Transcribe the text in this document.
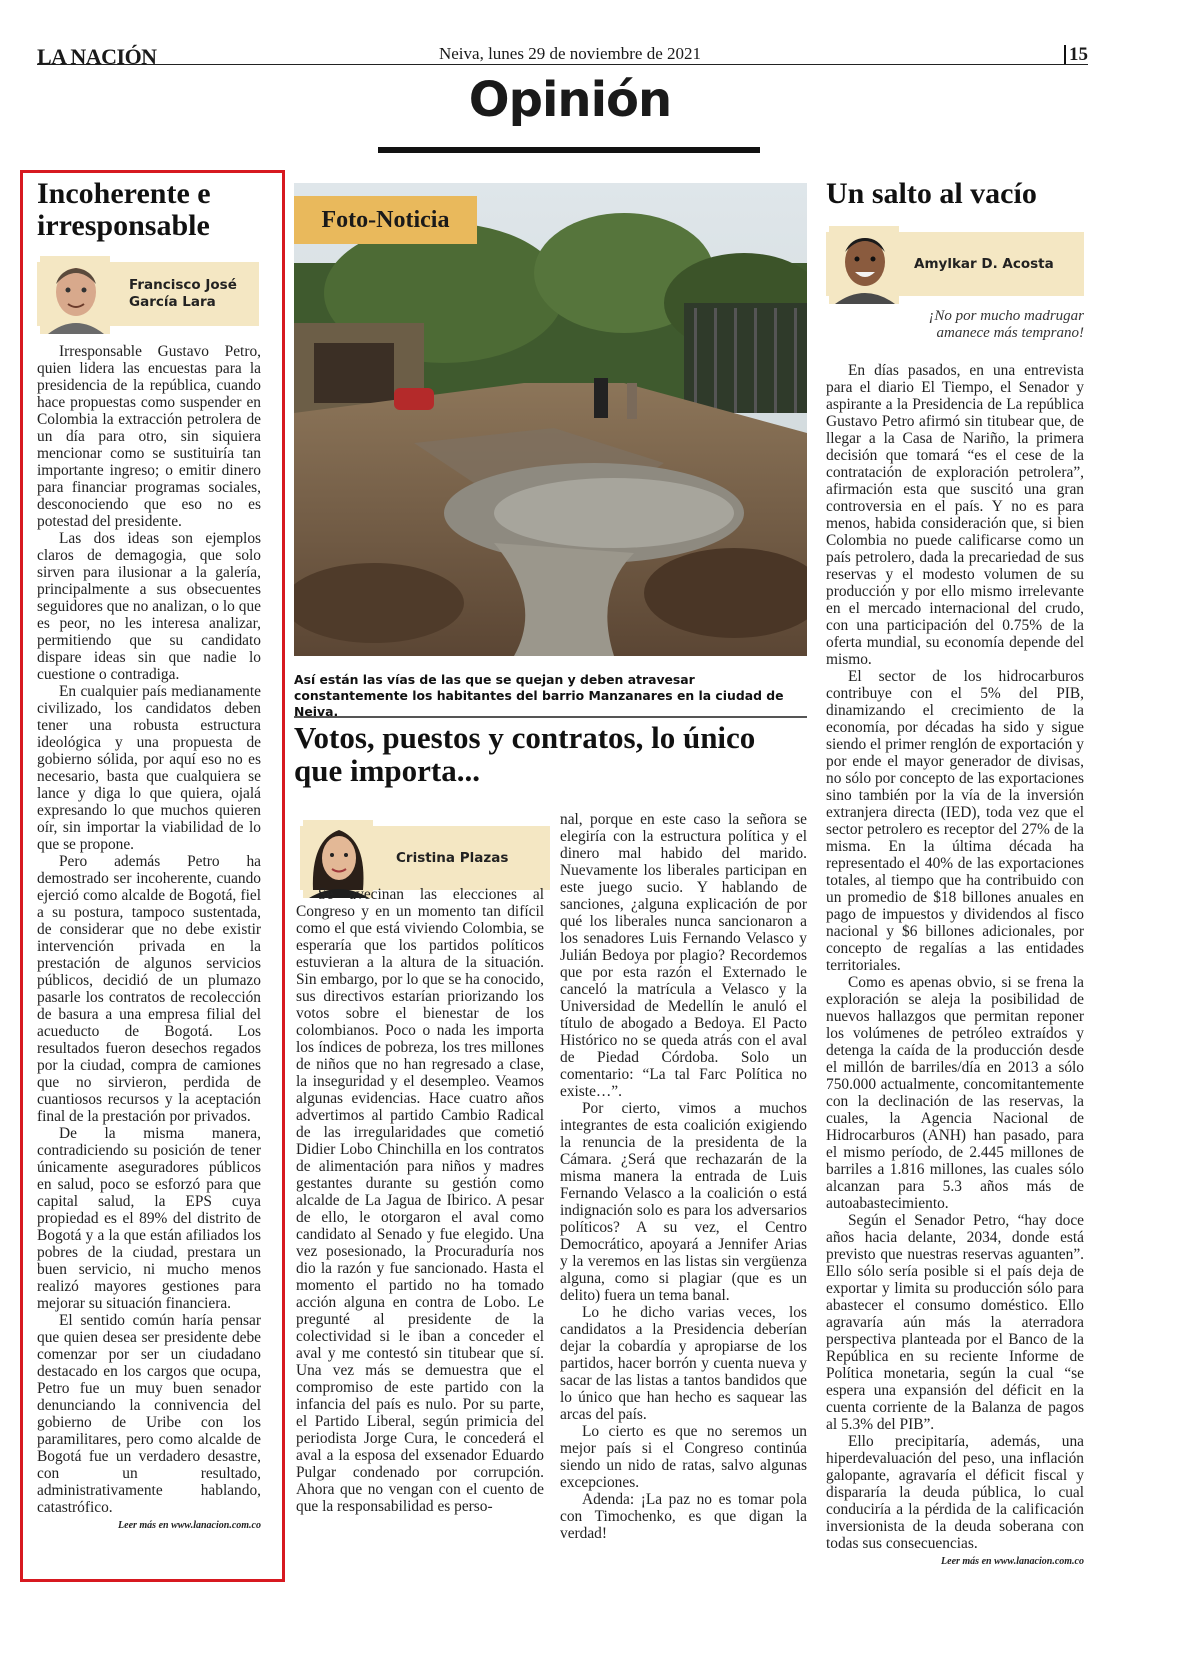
LA NACIÓN	Neiva, lunes 29 de noviembre de 2021	15
Opinión
Incoherente e irresponsable
Francisco José García Lara

Irresponsable Gustavo Petro, quien lidera las encuestas para la presidencia de la república, cuando hace propuestas como suspender en Colombia la extracción petrolera de un día para otro, sin siquiera mencionar como se sustituiría tan importante ingreso; o emitir dinero para financiar programas sociales, desconociendo que eso no es potestad del presidente.

Las dos ideas son ejemplos claros de demagogia, que solo sirven para ilusionar a la galería, principalmente a sus obsecuentes seguidores que no analizan, o lo que es peor, no les interesa analizar, permitiendo que su candidato dispare ideas sin que nadie lo cuestione o contradiga.

En cualquier país medianamente civilizado, los candidatos deben tener una robusta estructura ideológica y una propuesta de gobierno sólida, por aquí eso no es necesario, basta que cualquiera se lance y diga lo que quiera, ojalá expresando lo que muchos quieren oír, sin importar la viabilidad de lo que se propone.

Pero además Petro ha demostrado ser incoherente, cuando ejerció como alcalde de Bogotá, fiel a su postura, tampoco sustentada, de considerar que no debe existir intervención privada en la prestación de algunos servicios públicos, decidió de un plumazo pasarle los contratos de recolección de basura a una empresa filial del acueducto de Bogotá. Los resultados fueron desechos regados por la ciudad, compra de camiones que no sirvieron, perdida de cuantiosos recursos y la aceptación final de la prestación por privados.

De la misma manera, contradiciendo su posición de tener únicamente aseguradores públicos en salud, poco se esforzó para que capital salud, la EPS cuya propiedad es el 89% del distrito de Bogotá y a la que están afiliados los pobres de la ciudad, prestara un buen servicio, ni mucho menos realizó mayores gestiones para mejorar su situación financiera.

El sentido común haría pensar que quien desea ser presidente debe comenzar por ser un ciudadano destacado en los cargos que ocupa, Petro fue un muy buen senador denunciando la connivencia del gobierno de Uribe con los paramilitares, pero como alcalde de Bogotá fue un verdadero desastre, con un resultado, administrativamente hablando, catastrófico.

Leer más en www.lanacion.com.co
Foto-Noticia
Así están las vías de las que se quejan y deben atravesar constantemente los habitantes del barrio Manzanares en la ciudad de Neiva.
Votos, puestos y contratos, lo único que importa...
Cristina Plazas

Se avecinan las elecciones al Congreso y en un momento tan difícil como el que está viviendo Colombia, se esperaría que los partidos políticos estuvieran a la altura de la situación. Sin embargo, por lo que se ha conocido, sus directivos estarían priorizando los votos sobre el bienestar de los colombianos. Poco o nada les importa los índices de pobreza, los tres millones de niños que no han regresado a clase, la inseguridad y el desempleo. Veamos algunas evidencias. Hace cuatro años advertimos al partido Cambio Radical de las irregularidades que cometió Didier Lobo Chinchilla en los contratos de alimentación para niños y madres gestantes durante su gestión como alcalde de La Jagua de Ibirico. A pesar de ello, le otorgaron el aval como candidato al Senado y fue elegido. Una vez posesionado, la Procuraduría nos dio la razón y fue sancionado. Hasta el momento el partido no ha tomado acción alguna en contra de Lobo. Le pregunté al presidente de la colectividad si le iban a conceder el aval y me contestó sin titubear que sí. Una vez más se demuestra que el compromiso de este partido con la infancia del país es nulo. Por su parte, el Partido Liberal, según primicia del periodista Jorge Cura, le concederá el aval a la esposa del exsenador Eduardo Pulgar condenado por corrupción. Ahora que no vengan con el cuento de que la responsabilidad es perso-

nal, porque en este caso la señora se elegiría con la estructura política y el dinero mal habido del marido. Nuevamente los liberales participan en este juego sucio. Y hablando de sanciones, ¿alguna explicación de por qué los liberales nunca sancionaron a los senadores Luis Fernando Velasco y Julián Bedoya por plagio? Recordemos que por esta razón el Externado le canceló la matrícula a Velasco y la Universidad de Medellín le anuló el título de abogado a Bedoya. El Pacto Histórico no se queda atrás con el aval de Piedad Córdoba. Solo un comentario: “La tal Farc Política no existe…”.

Por cierto, vimos a muchos integrantes de esta coalición exigiendo la renuncia de la presidenta de la Cámara. ¿Será que rechazarán de la misma manera la entrada de Luis Fernando Velasco a la coalición o está indignación solo es para los adversarios políticos? A su vez, el Centro Democrático, apoyará a Jennifer Arias y la veremos en las listas sin vergüenza alguna, como si plagiar (que es un delito) fuera un tema banal.

Lo he dicho varias veces, los candidatos a la Presidencia deberían dejar la cobardía y apropiarse de los partidos, hacer borrón y cuenta nueva y sacar de las listas a tantos bandidos que lo único que han hecho es saquear las arcas del país.

Lo cierto es que no seremos un mejor país si el Congreso continúa siendo un nido de ratas, salvo algunas excepciones.

Adenda: ¡La paz no es tomar pola con Timochenko, es que digan la verdad!

Un salto al vacío
Amylkar D. Acosta
¡No por mucho madrugar
amanece más temprano!

En días pasados, en una entrevista para el diario El Tiempo, el Senador y aspirante a la Presidencia de La república Gustavo Petro afirmó sin titubear que, de llegar a la Casa de Nariño, la primera decisión que tomará “es el cese de la contratación de exploración petrolera”, afirmación esta que suscitó una gran controversia en el país. Y no es para menos, habida consideración que, si bien Colombia no puede calificarse como un país petrolero, dada la precariedad de sus reservas y el modesto volumen de su producción y por ello mismo irrelevante en el mercado internacional del crudo, con una participación del 0.75% de la oferta mundial, su economía depende del mismo.

El sector de los hidrocarburos contribuye con el 5% del PIB, dinamizando el crecimiento de la economía, por décadas ha sido y sigue siendo el primer renglón de exportación y por ende el mayor generador de divisas, no sólo por concepto de las exportaciones sino también por la vía de la inversión extranjera directa (IED), toda vez que el sector petrolero es receptor del 27% de la misma. En la última década ha representado el 40% de las exportaciones totales, al tiempo que ha contribuido con un promedio de $18 billones anuales en pago de impuestos y dividendos al fisco nacional y $6 billones adicionales, por concepto de regalías a las entidades territoriales.

Como es apenas obvio, si se frena la exploración se aleja la posibilidad de nuevos hallazgos que permitan reponer los volúmenes de petróleo extraídos y detenga la caída de la producción desde el millón de barriles/día en 2013 a sólo 750.000 actualmente, concomitantemente con la declinación de las reservas, la cuales, la Agencia Nacional de Hidrocarburos (ANH) han pasado, para el mismo período, de 2.445 millones de barriles a 1.816 millones, las cuales sólo alcanzan para 5.3 años más de autoabastecimiento.

Según el Senador Petro, “hay doce años hacia delante, 2034, donde está previsto que nuestras reservas aguanten”. Ello sólo sería posible si el país deja de exportar y limita su producción sólo para abastecer el consumo doméstico. Ello agravaría aún más la aterradora perspectiva planteada por el Banco de la República en su reciente Informe de Política monetaria, según la cual “se espera una expansión del déficit en la cuenta corriente de la Balanza de pagos al 5.3% del PIB”.

Ello precipitaría, además, una hiperdevaluación del peso, una inflación galopante, agravaría el déficit fiscal y dispararía la deuda pública, lo cual conduciría a la pérdida de la calificación inversionista de la deuda soberana con todas sus consecuencias.

Leer más en www.lanacion.com.co
